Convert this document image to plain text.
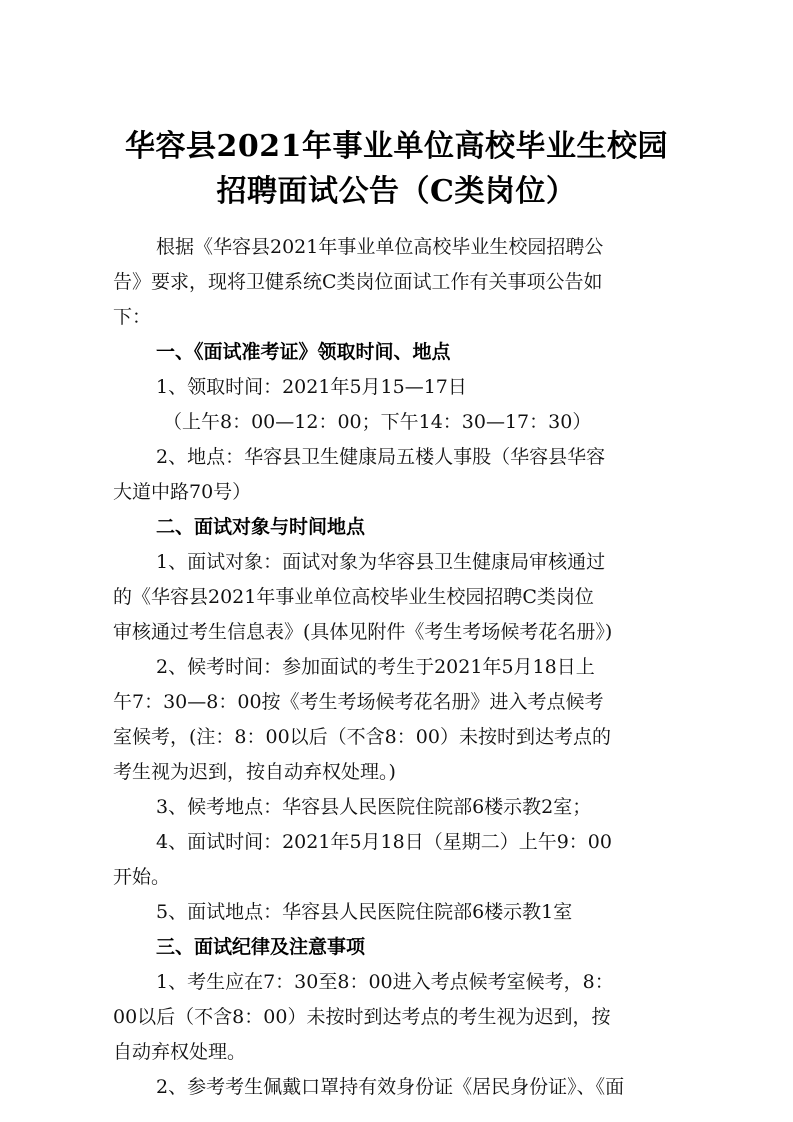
华容县2021年事业单位高校毕业生校园
招聘面试公告（C类岗位）
根据《华容县2021年事业单位高校毕业生校园招聘公
告》要求，现将卫健系统C类岗位面试工作有关事项公告如
下：
一、《面试准考证》领取时间、地点
1、领取时间：2021年5月15—17日
（上午8：00—12：00；下午14：30—17：30）
2、地点：华容县卫生健康局五楼人事股（华容县华容
大道中路70号）
二、面试对象与时间地点
1、面试对象：面试对象为华容县卫生健康局审核通过
的《华容县2021年事业单位高校毕业生校园招聘C类岗位
审核通过考生信息表》(具体见附件《考生考场候考花名册》)
2、候考时间：参加面试的考生于2021年5月18日上
午7：30—8：00按《考生考场候考花名册》进入考点候考
室候考，(注：8：00以后（不含8：00）未按时到达考点的
考生视为迟到，按自动弃权处理。)
3、候考地点：华容县人民医院住院部6楼示教2室；
4、面试时间：2021年5月18日（星期二）上午9：00
开始。
5、面试地点：华容县人民医院住院部6楼示教1室
三、面试纪律及注意事项
1、考生应在7：30至8：00进入考点候考室候考，8：
00以后（不含8：00）未按时到达考点的考生视为迟到，按
自动弃权处理。
2、参考考生佩戴口罩持有效身份证《居民身份证》、《面
